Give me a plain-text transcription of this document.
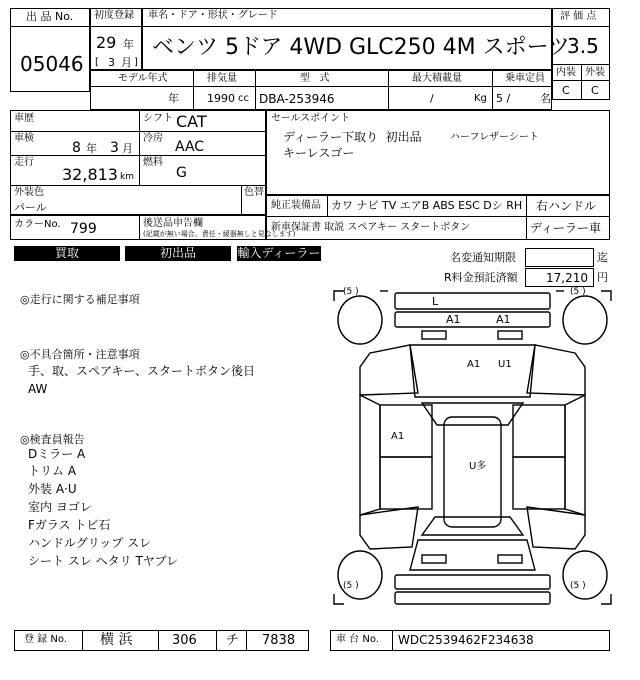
出 品 No.
05046
初度登録
29 年
[ 3 月 ]
車名・ドア・形状・グレード
ベンツ 5ドア 4WD GLC250 4M スポーツ
評 価 点
3.5
内装 外装
C C
モデル年式
年
排気量
1990 cc
型   式
DBA-253946
最大積載量
/	Kg
乗車定員
5 /	名
車歴
車検
8 年 3 月
走行
32,813 km
シフト CAT
冷房
AAC
燃料
G
外装色
パール
色替
カラーNo. 799	後送品申告欄
(記載が無い場合、責任・緩器無しと見なします)
セールスポイント
ディーラー下取り  初出品	ハーフレザーシート
キーレスゴー
純正装備品 カワ ナビ TV エアB ABS ESC Dシ RH 右ハンドル
新車保証書 取説 スペアキー スタートボタン	ディーラー車
買取	初出品	輸入ディーラー	名変通知期限	迄
R料金預託済額 17,210 円
◎走行に関する補足事項
◎不具合箇所・注意事項
手、取、スペアキー、スタートボタン後日
AW
◎検査員報告
Dミラー A
トリム A
外装 A·U
室内 ヨゴレ
Fガラス トビ石
ハンドルグリップ スレ
シート スレ ヘタリ Tヤブレ
(5 )	(5 )
(5 )	(5 )
L
A1	A1
A1 U1
A1
U多
登 録 No. 横 浜	306 チ 7838	車 台 No. WDC2539462F234638
